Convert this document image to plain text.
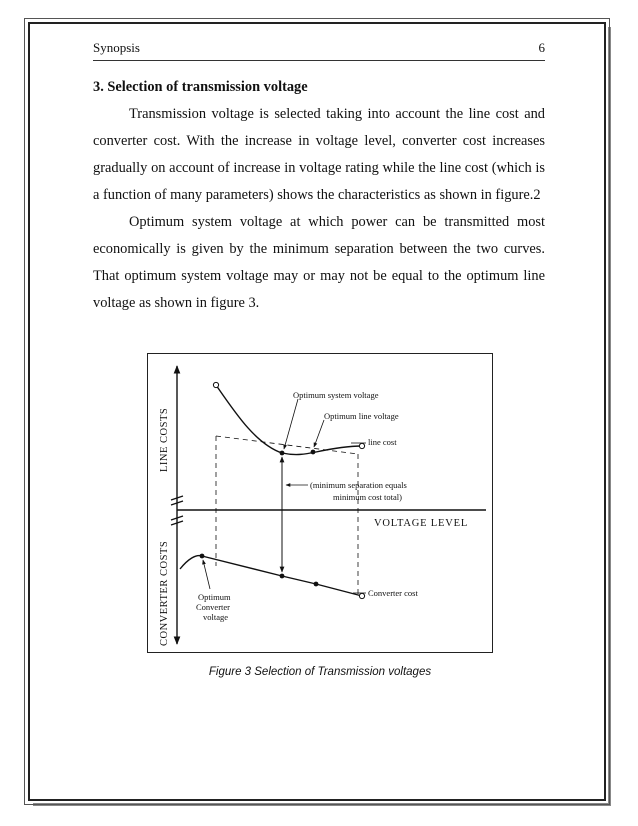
Synopsis	6

3. Selection of transmission voltage

Transmission voltage is selected taking into account the line cost and converter cost. With the increase in voltage level, converter cost increases gradually on account of increase in voltage rating while the line cost (which is a function of many parameters) shows the characteristics as shown in figure.2

Optimum system voltage at which power can be transmitted most economically is given by the minimum separation between the two curves. That optimum system voltage may or may not be equal to the optimum line voltage as shown in figure 3.

LINE COSTS
CONVERTER COSTS
VOLTAGE LEVEL
Optimum system voltage
Optimum line voltage
line cost
(minimum separation equals
minimum cost total)
Converter cost
Optimum
Converter
voltage
Figure 3 Selection of Transmission voltages
